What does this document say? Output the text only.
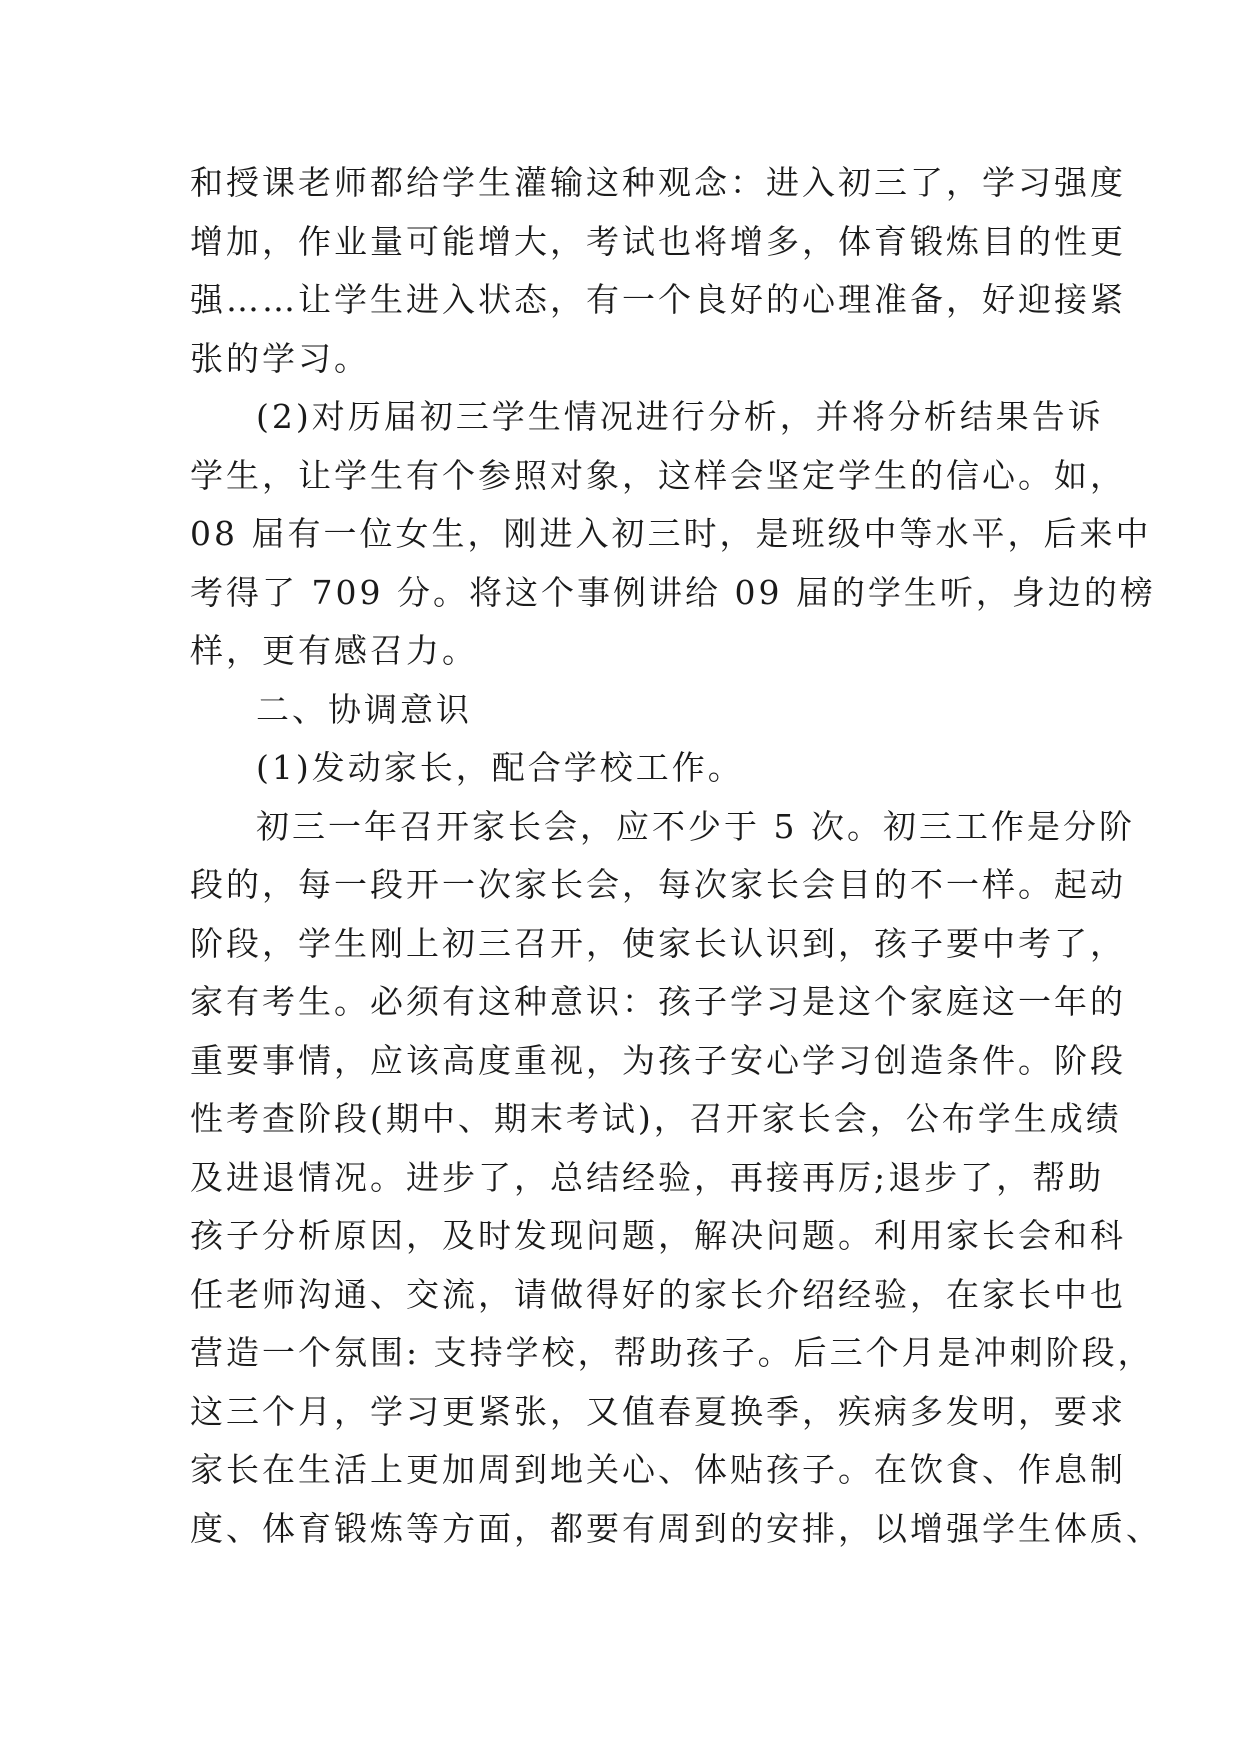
和授课老师都给学生灌输这种观念：进入初三了，学习强度
增加，作业量可能增大，考试也将增多，体育锻炼目的性更
强……让学生进入状态，有一个良好的心理准备，好迎接紧
张的学习。
(2)对历届初三学生情况进行分析，并将分析结果告诉
学生，让学生有个参照对象，这样会坚定学生的信心。如，
08 届有一位女生，刚进入初三时，是班级中等水平，后来中
考得了 709 分。将这个事例讲给 09 届的学生听，身边的榜
样，更有感召力。
二、协调意识
(1)发动家长，配合学校工作。
初三一年召开家长会，应不少于 5 次。初三工作是分阶
段的，每一段开一次家长会，每次家长会目的不一样。起动
阶段，学生刚上初三召开，使家长认识到，孩子要中考了，
家有考生。必须有这种意识：孩子学习是这个家庭这一年的
重要事情，应该高度重视，为孩子安心学习创造条件。阶段
性考查阶段(期中、期末考试)，召开家长会，公布学生成绩
及进退情况。进步了，总结经验，再接再厉;退步了，帮助
孩子分析原因，及时发现问题，解决问题。利用家长会和科
任老师沟通、交流，请做得好的家长介绍经验，在家长中也
营造一个氛围: 支持学校，帮助孩子。后三个月是冲刺阶段，
这三个月，学习更紧张，又值春夏换季，疾病多发明，要求
家长在生活上更加周到地关心、体贴孩子。在饮食、作息制
度、体育锻炼等方面，都要有周到的安排，以增强学生体质、
